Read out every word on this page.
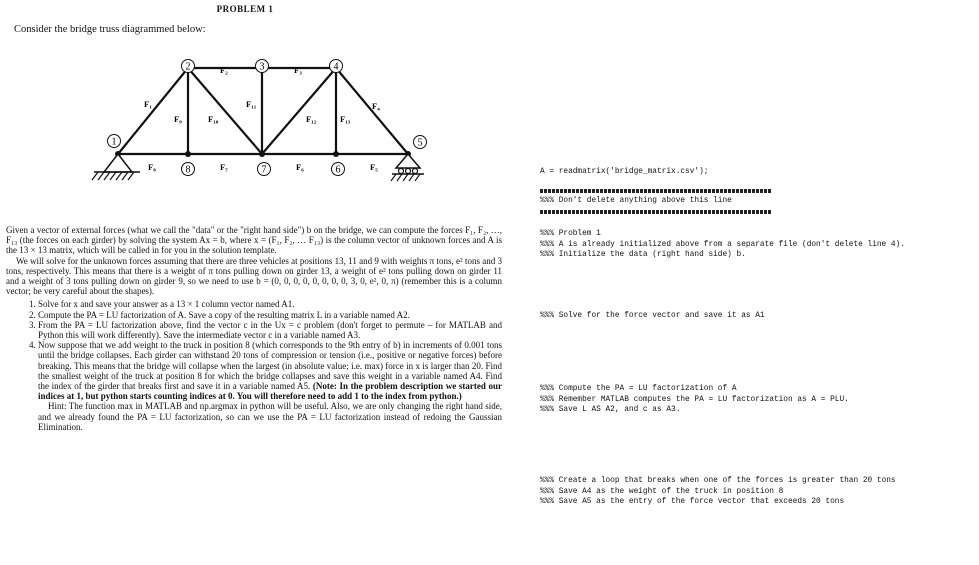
PROBLEM 1
Consider the bridge truss diagrammed below:
1
2	3	4
5
6
7
8
F₁
F₂	F₃
F₄
F₅
F₆
F₇
F₈
F₉	F₁₀
F₁₁
F₁₂	F₁₃

Given a vector of external forces (what we call the "data" or the "right hand side") b on the bridge, we can compute the forces F₁, F₂, …, F₁₃ (the forces on each girder) by solving the system Ax = b, where x = (F₁, F₂, … F₁₃) is the column vector of unknown forces and A is the 13 × 13 matrix, which will be called in for you in the solution template.

We will solve for the unknown forces assuming that there are three vehicles at positions 13, 11 and 9 with weights π tons, e² tons and 3 tons, respectively. This means that there is a weight of π tons pulling down on girder 13, a weight of e² tons pulling down on girder 11 and a weight of 3 tons pulling down on girder 9, so we need to use b = (0, 0, 0, 0, 0, 0, 0, 0, 3, 0, e², 0, π) (remember this is a column vector; be very careful about the shapes).

1. Solve for x and save your answer as a 13 × 1 column vector named A1.
2. Compute the PA = LU factorization of A. Save a copy of the resulting matrix L in a variable named A2.
3. From the PA = LU factorization above, find the vector c in the Ux = c problem (don't forget to permute – for MATLAB and Python this will work differently). Save the intermediate vector c in a variable named A3.
4. Now suppose that we add weight to the truck in position 8 (which corresponds to the 9th entry of b) in increments of 0.001 tons until the bridge collapses. Each girder can withstand 20 tons of compression or tension (i.e., positive or negative forces) before breaking. This means that the bridge will collapse when the largest (in absolute value; i.e. max) force in x is larger than 20. Find the smallest weight of the truck at position 8 for which the bridge collapses and save this weight in a variable named A4. Find the index of the girder that breaks first and save it in a variable named A5. (Note: In the problem description we started our indices at 1, but python starts counting indices at 0. You will therefore need to add 1 to the index from python.)

Hint: The function max in MATLAB and np.argmax in python will be useful. Also, we are only changing the right hand side, and we already found the PA = LU factorization, so can we use the PA = LU factorization instead of redoing the Gaussian Elimination.

A = readmatrix('bridge_matrix.csv');
%%% Don't delete anything above this line
%%% Problem 1
%%% A is already initialized above from a separate file (don't delete line 4).
%%% Initialize the data (right hand side) b.
%%% Solve for the force vector and save it as A1
%%% Compute the PA = LU factorization of A
%%% Remember MATLAB computes the PA = LU factorization as A = PLU.
%%% Save L AS A2, and c as A3.
%%% Create a loop that breaks when one of the forces is greater than 20 tons
%%% Save A4 as the weight of the truck in position 8
%%% Save A5 as the entry of the force vector that exceeds 20 tons
